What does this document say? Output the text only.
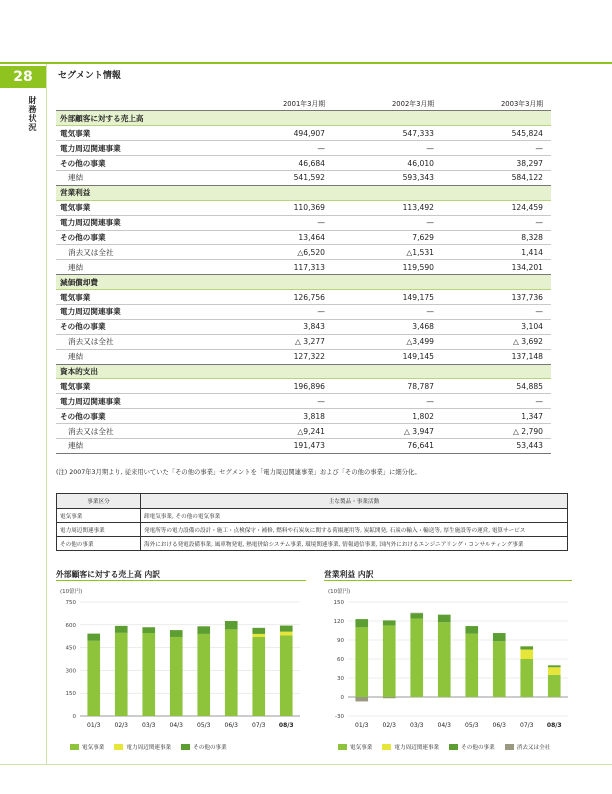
28
財務状況
セグメント情報
	2001年3月期	2002年3月期	2003年3月期
外部顧客に対する売上高			
電気事業	494,907	547,333	545,824
電力周辺関連事業	—	—	—
その他の事業	46,684	46,010	38,297
連結	541,592	593,343	584,122
営業利益			
電気事業	110,369	113,492	124,459
電力周辺関連事業	—	—	—
その他の事業	13,464	7,629	8,328
消去又は全社	△6,520	△1,531	1,414
連結	117,313	119,590	134,201
減価償却費			
電気事業	126,756	149,175	137,736
電力周辺関連事業	—	—	—
その他の事業	3,843	3,468	3,104
消去又は全社	△ 3,277	△3,499	△ 3,692
連結	127,322	149,145	137,148
資本的支出			
電気事業	196,896	78,787	54,885
電力周辺関連事業	—	—	—
その他の事業	3,818	1,802	1,347
消去又は全社	△9,241	△ 3,947	△ 2,790
連結	191,473	76,641	53,443
(注) 2007年3月期より, 従来用いていた「その他の事業」セグメントを「電力周辺関連事業」および「その他の事業」に細分化。
事業区分	主な製品・事業活動
電気事業	卸電気事業, その他の電気事業
電力周辺関連事業	発電所等の電力設備の設計・施工・点検保守・補修, 燃料や石炭灰に関する荷揚運用等, 炭鉱開発, 石炭の輸入・輸送等, 厚生施設等の運営, 電算サービス
その他の事業	海外における発電設備事業, 風車物発電, 熱電併給システム事業, 環境関連事業, 情報通信事業, 国内外におけるエンジニアリング・コンサルティング事業
外部顧客に対する売上高 内訳
(10億円)
0
150
300
450
600
750
01/3 02/3 03/3 04/3 05/3 06/3 07/3 08/3
電気事業	電力周辺関連事業	その他の事業
営業利益 内訳
(10億円)
-30
0
30
60
90
120
150
01/3 02/3 03/3 04/3 05/3 06/3 07/3 08/3
電気事業	電力周辺関連事業	その他の事業	消去又は全社
